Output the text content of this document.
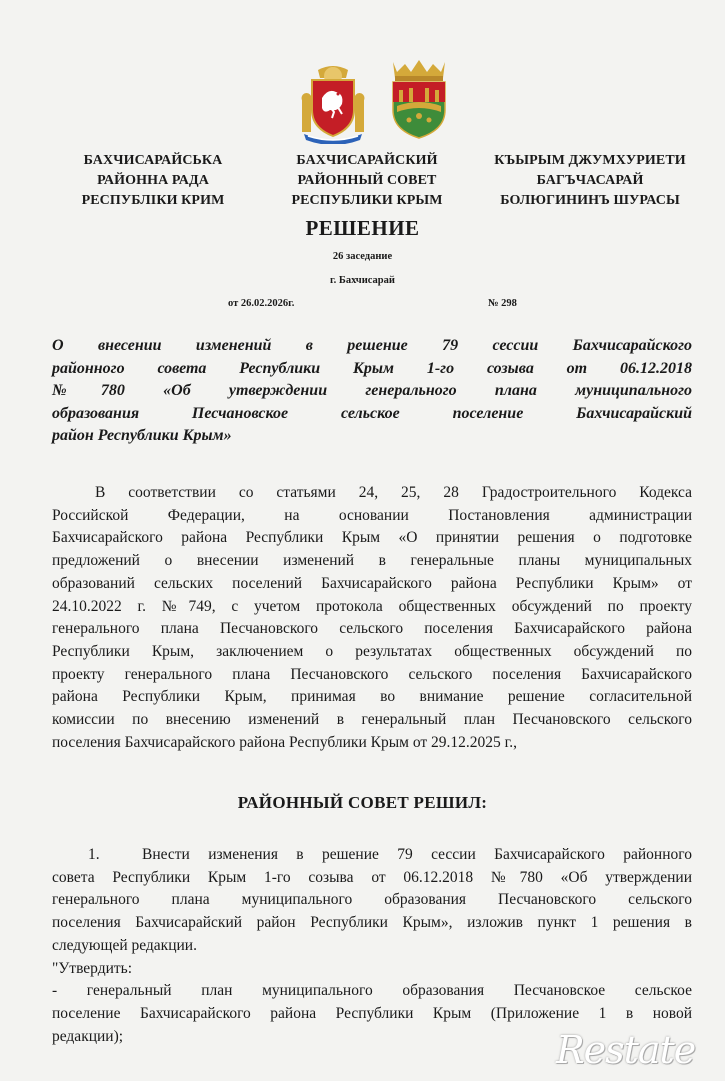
БАХЧИСАРАЙСЬКА
РАЙОННА РАДА
РЕСПУБЛІКИ КРИМ
БАХЧИСАРАЙСКИЙ
РАЙОННЫЙ СОВЕТ
РЕСПУБЛИКИ КРЫМ
КЪЫРЫМ ДЖУМХУРИЕТИ
БАГЪЧАСАРАЙ
БОЛЮГИНИНЪ ШУРАСЫ
РЕШЕНИЕ
26 заседание
г. Бахчисарай
от 26.02.2026г.	№ 298
О внесении изменений в решение 79 сессии Бахчисарайского
районного совета Республики Крым 1-го созыва от 06.12.2018
№780 «Об утверждении генерального плана муниципального
образования Песчановское сельское поселение Бахчисарайский
район Республики Крым»
В соответствии со статьями 24, 25, 28 Градостроительного Кодекса
Российской Федерации, на основании Постановления администрации
Бахчисарайского района Республики Крым «О принятии решения о подготовке
предложений о внесении изменений в генеральные планы муниципальных
образований сельских поселений Бахчисарайского района Республики Крым» от
24.10.2022 г. №749, с учетом протокола общественных обсуждений по проекту
генерального плана Песчановского сельского поселения Бахчисарайского района
Республики Крым, заключением о результатах общественных обсуждений по
проекту генерального плана Песчановского сельского поселения Бахчисарайского
района Республики Крым, принимая во внимание решение согласительной
комиссии по внесению изменений в генеральный план Песчановского сельского
поселения Бахчисарайского района Республики Крым от 29.12.2025 г.,
РАЙОННЫЙ СОВЕТ РЕШИЛ:
1.	Внести изменения в решение 79 сессии Бахчисарайского районного
совета Республики Крым 1-го созыва от 06.12.2018 №780 «Об утверждении
генерального плана муниципального образования Песчановского сельского
поселения Бахчисарайский район Республики Крым», изложив пункт 1 решения в
следующей редакции.
"Утвердить:
- генеральный план муниципального образования Песчановское сельское
поселение Бахчисарайского района Республики Крым (Приложение 1 в новой
редакции);	Restate
